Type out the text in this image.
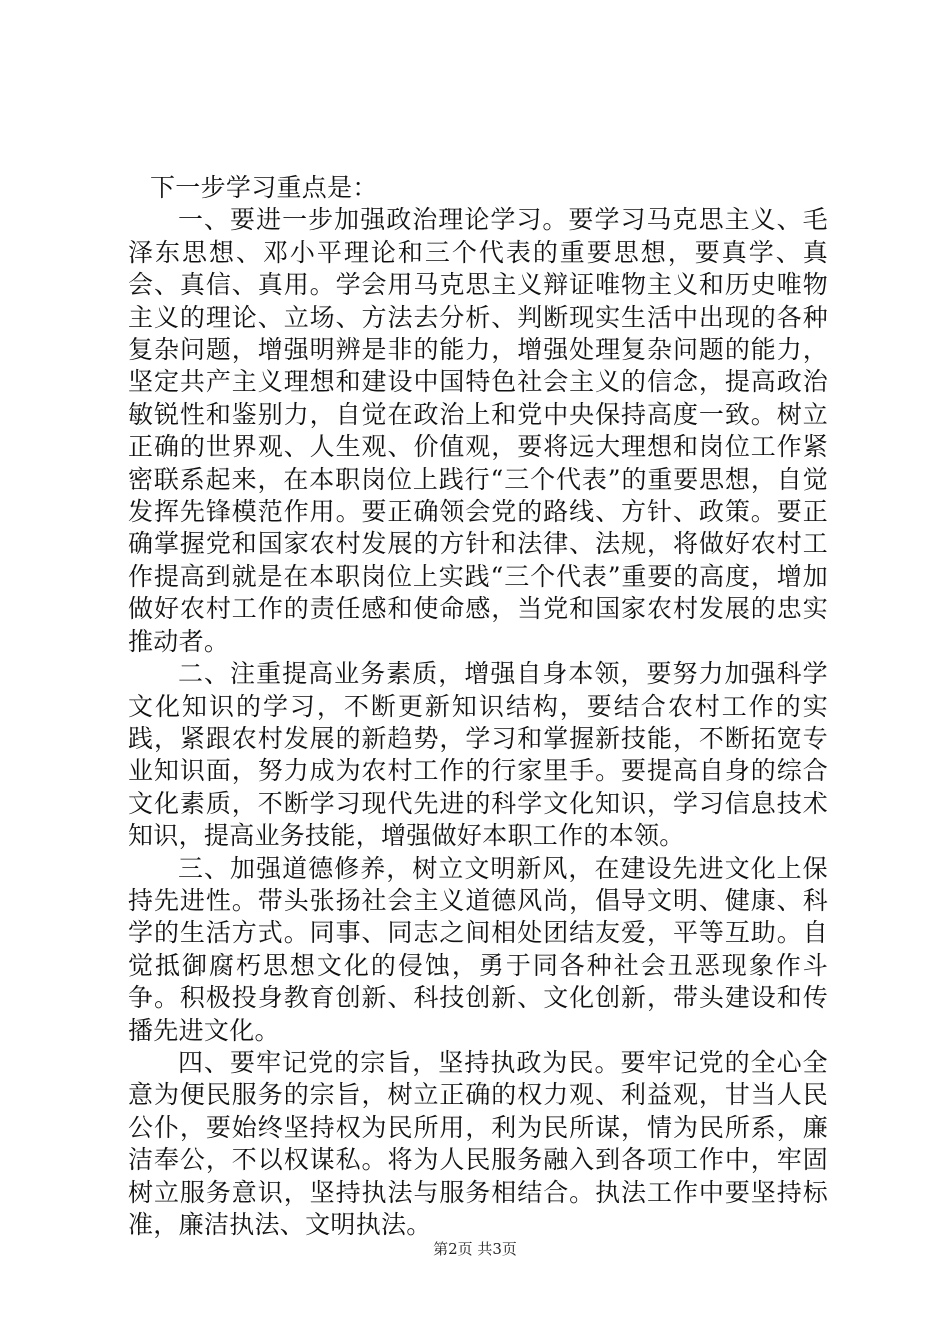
下一步学习重点是：

一、要进一步加强政治理论学习。要学习马克思主义、毛泽东思想、邓小平理论和三个代表的重要思想，要真学、真会、真信、真用。学会用马克思主义辩证唯物主义和历史唯物主义的理论、立场、方法去分析、判断现实生活中出现的各种复杂问题，增强明辨是非的能力，增强处理复杂问题的能力，坚定共产主义理想和建设中国特色社会主义的信念，提高政治敏锐性和鉴别力，自觉在政治上和党中央保持高度一致。树立正确的世界观、人生观、价值观，要将远大理想和岗位工作紧密联系起来，在本职岗位上践行“三个代表”的重要思想，自觉发挥先锋模范作用。要正确领会党的路线、方针、政策。要正确掌握党和国家农村发展的方针和法律、法规，将做好农村工作提高到就是在本职岗位上实践“三个代表”重要的高度，增加做好农村工作的责任感和使命感，当党和国家农村发展的忠实推动者。

二、注重提高业务素质，增强自身本领，要努力加强科学文化知识的学习，不断更新知识结构，要结合农村工作的实践，紧跟农村发展的新趋势，学习和掌握新技能，不断拓宽专业知识面，努力成为农村工作的行家里手。要提高自身的综合文化素质，不断学习现代先进的科学文化知识，学习信息技术知识，提高业务技能，增强做好本职工作的本领。

三、加强道德修养，树立文明新风，在建设先进文化上保持先进性。带头张扬社会主义道德风尚，倡导文明、健康、科学的生活方式。同事、同志之间相处团结友爱，平等互助。自觉抵御腐朽思想文化的侵蚀，勇于同各种社会丑恶现象作斗争。积极投身教育创新、科技创新、文化创新，带头建设和传播先进文化。

四、要牢记党的宗旨，坚持执政为民。要牢记党的全心全意为便民服务的宗旨，树立正确的权力观、利益观，甘当人民公仆，要始终坚持权为民所用，利为民所谋，情为民所系，廉洁奉公，不以权谋私。将为人民服务融入到各项工作中，牢固树立服务意识，坚持执法与服务相结合。执法工作中要坚持标准，廉洁执法、文明执法。

第2页 共3页
